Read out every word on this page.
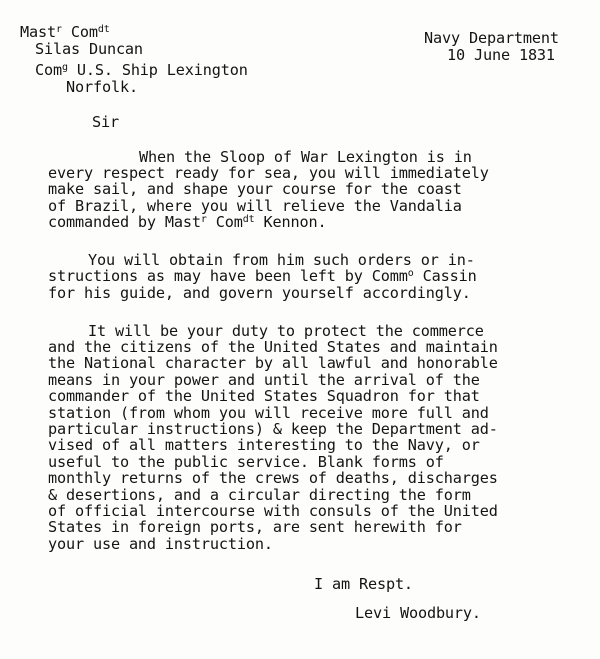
Mast$^r$ Com$^{dt}$
Silas Duncan
Com$^g$ U.S. Ship Lexington
Norfolk.
Navy Department
10 June 1831
Sir
When the Sloop of War Lexington is in
every respect ready for sea, you will immediately
make sail, and shape your course for the coast
of Brazil, where you will relieve the Vandalia
commanded by Mast$^r$ Com$^{dt}$ Kennon.
You will obtain from him such orders or in-
structions as may have been left by Comm$^o$ Cassin
for his guide, and govern yourself accordingly.
It will be your duty to protect the commerce
and the citizens of the United States and maintain
the National character by all lawful and honorable
means in your power and until the arrival of the
commander of the United States Squadron for that
station (from whom you will receive more full and
particular instructions) & keep the Department ad-
vised of all matters interesting to the Navy, or
useful to the public service. Blank forms of
monthly returns of the crews of deaths, discharges
& desertions, and a circular directing the form
of official intercourse with consuls of the United
States in foreign ports, are sent herewith for
your use and instruction.
I am Respt.
Levi Woodbury.
